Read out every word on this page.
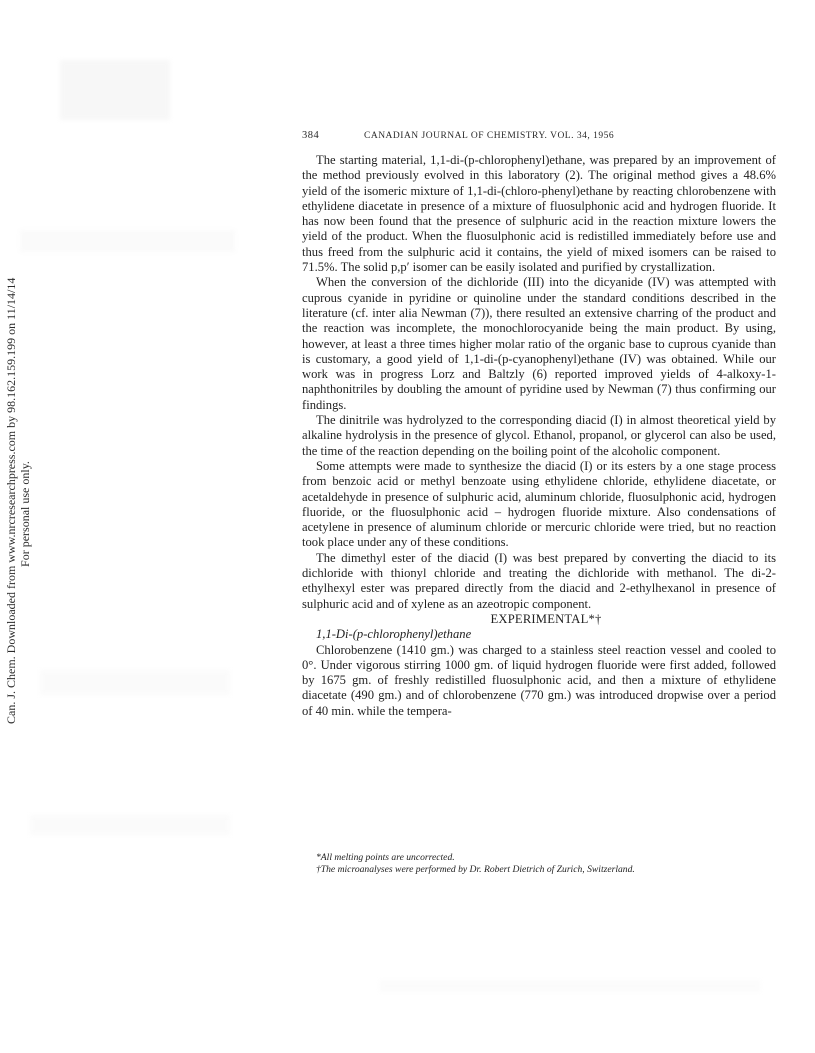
Can. J. Chem. Downloaded from www.nrcresearchpress.com by 98.162.159.199 on 11/14/14 For personal use only.
384	CANADIAN JOURNAL OF CHEMISTRY. VOL. 34, 1956

The starting material, 1,1-di-(p-chlorophenyl)ethane, was prepared by an improvement of the method previously evolved in this laboratory (2). The original method gives a 48.6% yield of the isomeric mixture of 1,1-di-(chloro-phenyl)ethane by reacting chlorobenzene with ethylidene diacetate in presence of a mixture of fluosulphonic acid and hydrogen fluoride. It has now been found that the presence of sulphuric acid in the reaction mixture lowers the yield of the product. When the fluosulphonic acid is redistilled immediately before use and thus freed from the sulphuric acid it contains, the yield of mixed isomers can be raised to 71.5%. The solid p,p′ isomer can be easily isolated and purified by crystallization.

When the conversion of the dichloride (III) into the dicyanide (IV) was attempted with cuprous cyanide in pyridine or quinoline under the standard conditions described in the literature (cf. inter alia Newman (7)), there resulted an extensive charring of the product and the reaction was incomplete, the monochlorocyanide being the main product. By using, however, at least a three times higher molar ratio of the organic base to cuprous cyanide than is customary, a good yield of 1,1-di-(p-cyanophenyl)ethane (IV) was obtained. While our work was in progress Lorz and Baltzly (6) reported improved yields of 4-alkoxy-1-naphthonitriles by doubling the amount of pyridine used by Newman (7) thus confirming our findings.

The dinitrile was hydrolyzed to the corresponding diacid (I) in almost theoretical yield by alkaline hydrolysis in the presence of glycol. Ethanol, propanol, or glycerol can also be used, the time of the reaction depending on the boiling point of the alcoholic component.

Some attempts were made to synthesize the diacid (I) or its esters by a one stage process from benzoic acid or methyl benzoate using ethylidene chloride, ethylidene diacetate, or acetaldehyde in presence of sulphuric acid, aluminum chloride, fluosulphonic acid, hydrogen fluoride, or the fluosulphonic acid – hydrogen fluoride mixture. Also condensations of acetylene in presence of aluminum chloride or mercuric chloride were tried, but no reaction took place under any of these conditions.

The dimethyl ester of the diacid (I) was best prepared by converting the diacid to its dichloride with thionyl chloride and treating the dichloride with methanol. The di-2-ethylhexyl ester was prepared directly from the diacid and 2-ethylhexanol in presence of sulphuric acid and of xylene as an azeotropic component.

EXPERIMENTAL*†

1,1-Di-(p-chlorophenyl)ethane

Chlorobenzene (1410 gm.) was charged to a stainless steel reaction vessel and cooled to 0°. Under vigorous stirring 1000 gm. of liquid hydrogen fluoride were first added, followed by 1675 gm. of freshly redistilled fluosulphonic acid, and then a mixture of ethylidene diacetate (490 gm.) and of chlorobenzene (770 gm.) was introduced dropwise over a period of 40 min. while the tempera-

*All melting points are uncorrected.
†The microanalyses were performed by Dr. Robert Dietrich of Zurich, Switzerland.
